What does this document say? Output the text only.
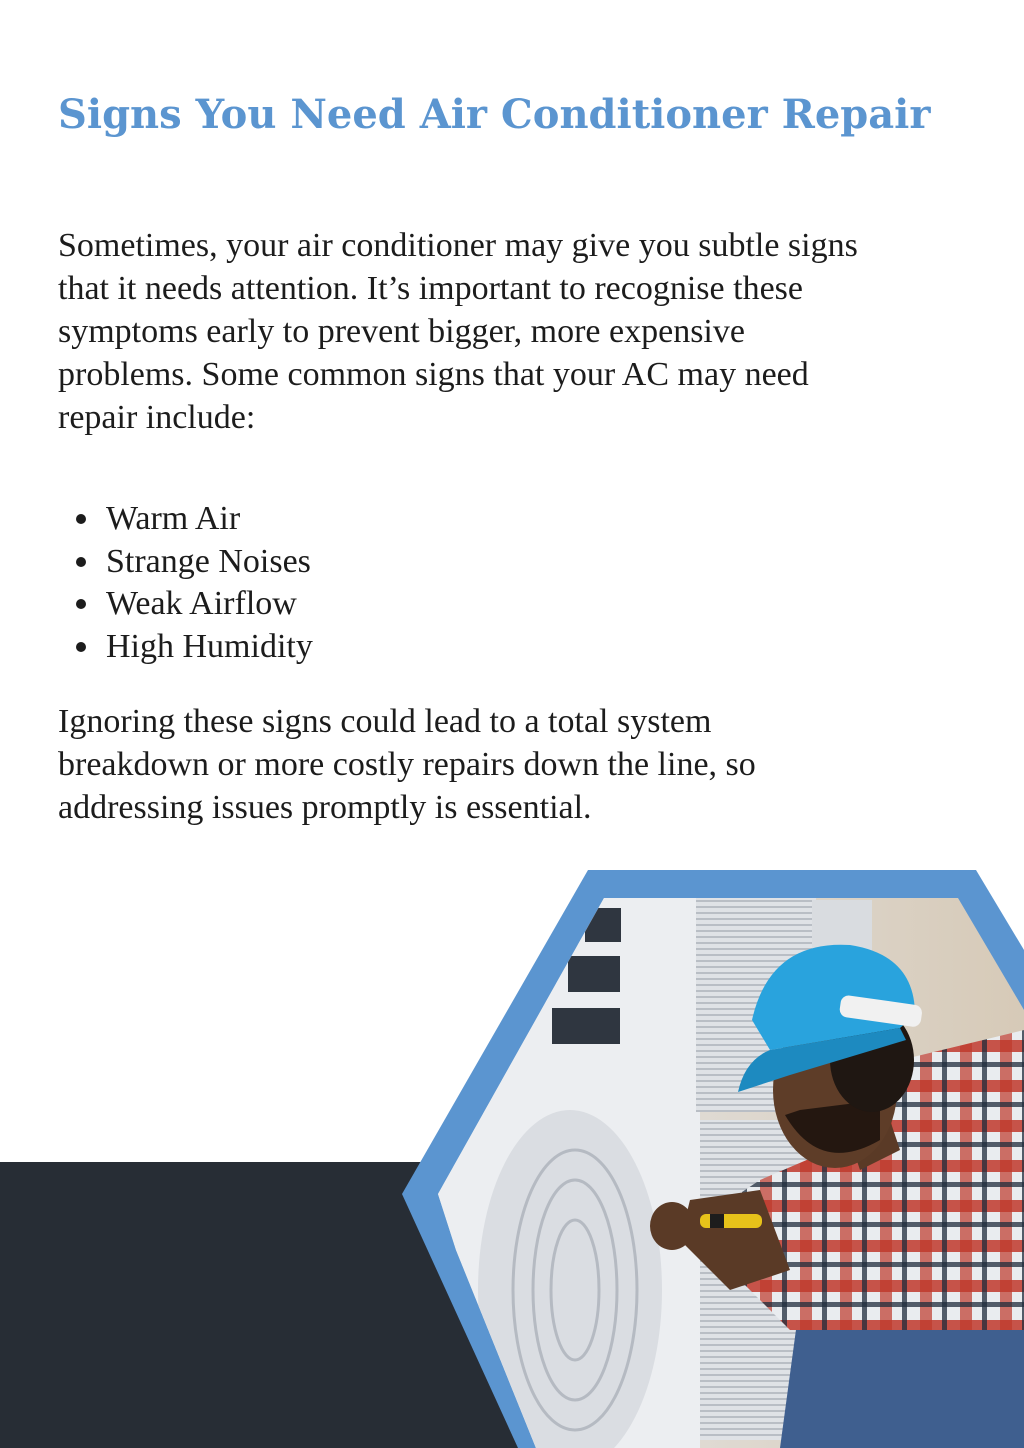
Signs You Need Air Conditioner Repair

Sometimes, your air conditioner may give you subtle signs that it needs attention. It’s important to recognise these symptoms early to prevent bigger, more expensive problems. Some common signs that your AC may need repair include:

Warm Air
Strange Noises
Weak Airflow
High Humidity

Ignoring these signs could lead to a total system breakdown or more costly repairs down the line, so addressing issues promptly is essential.
